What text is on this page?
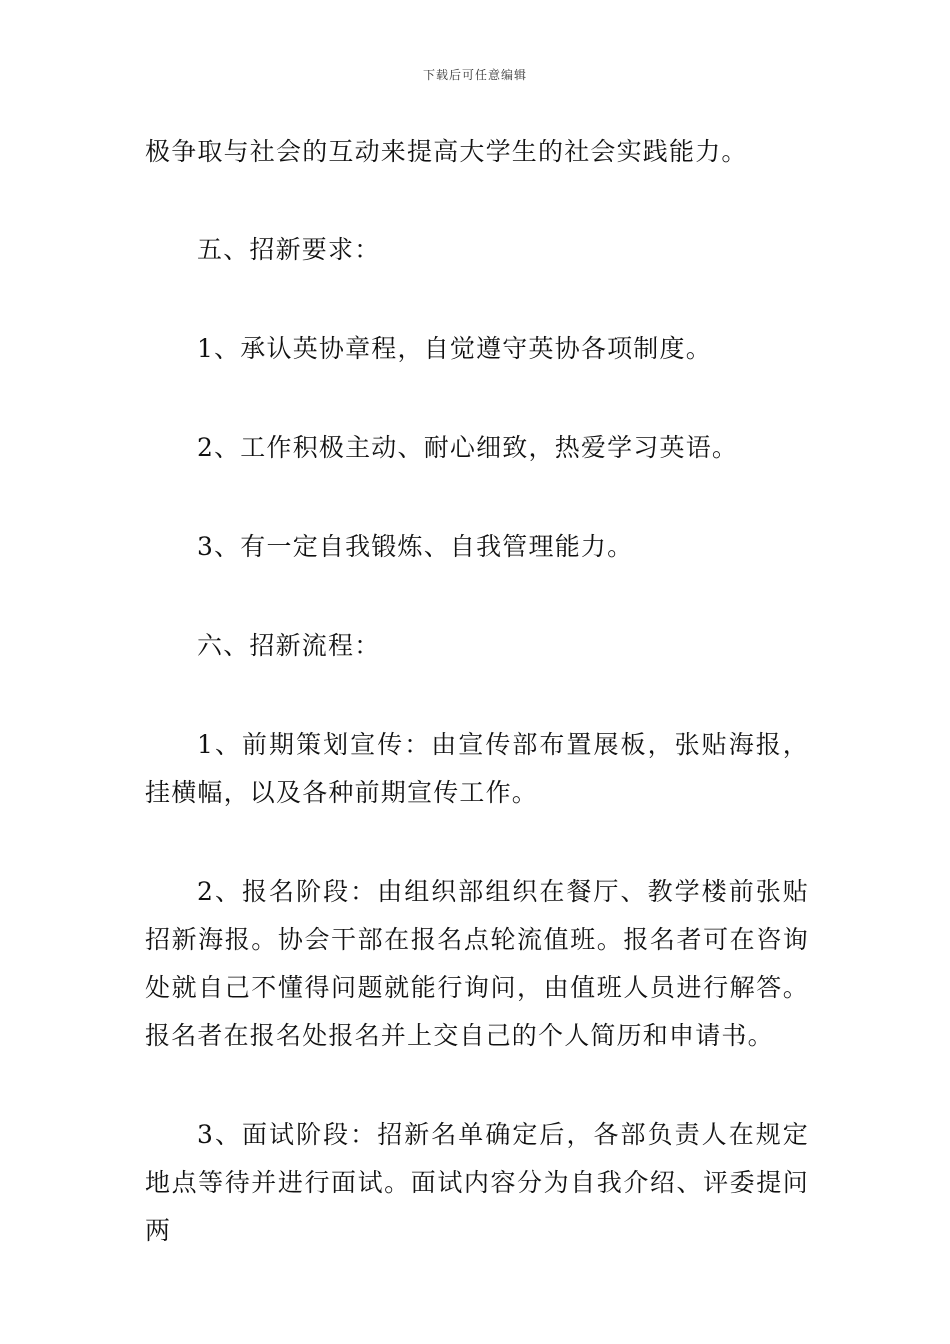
下载后可任意编辑

极争取与社会的互动来提高大学生的社会实践能力。

五、招新要求：

1、承认英协章程，自觉遵守英协各项制度。

2、工作积极主动、耐心细致，热爱学习英语。

3、有一定自我锻炼、自我管理能力。

六、招新流程：

1、前期策划宣传：由宣传部布置展板，张贴海报，挂横幅，以及各种前期宣传工作。

2、报名阶段：由组织部组织在餐厅、教学楼前张贴招新海报。协会干部在报名点轮流值班。报名者可在咨询处就自己不懂得问题就能行询问，由值班人员进行解答。报名者在报名处报名并上交自己的个人简历和申请书。

3、面试阶段：招新名单确定后，各部负责人在规定地点等待并进行面试。面试内容分为自我介绍、评委提问两
